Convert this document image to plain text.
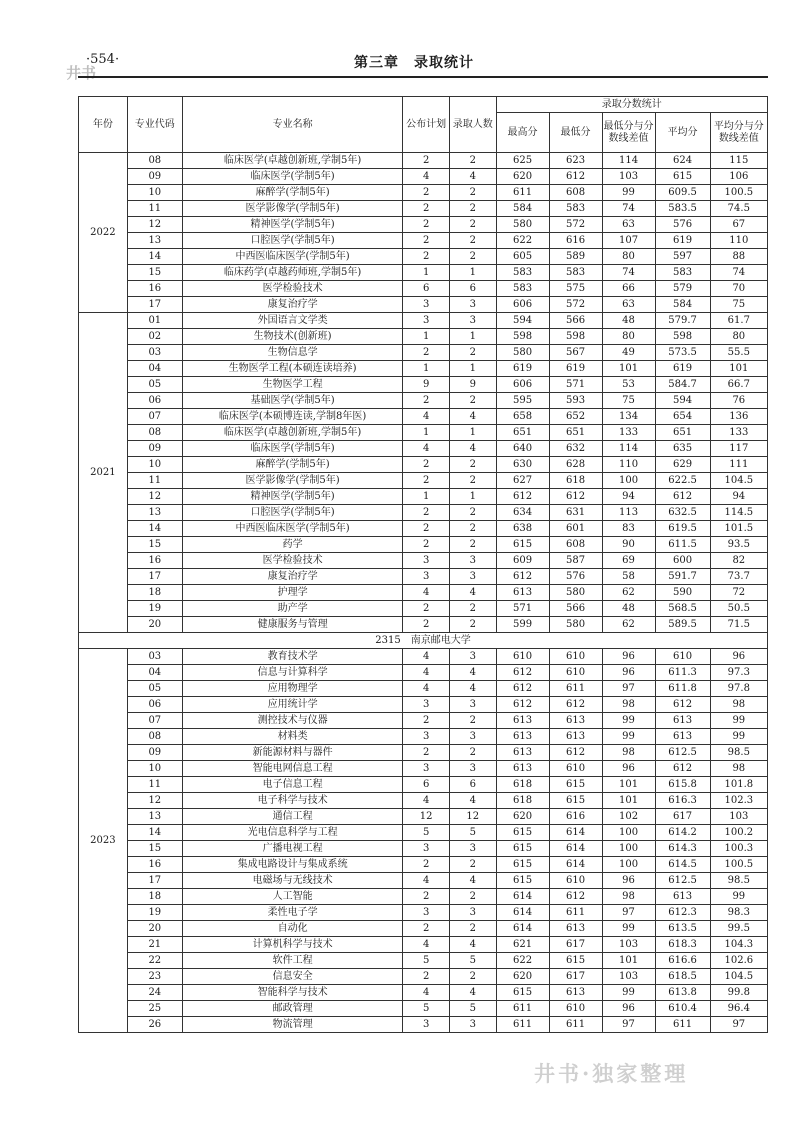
·554·	第三章　录取统计
井书
年份	专业代码	专业名称	公布计划	录取人数	录取分数统计				
					最高分	最低分	最低分与分数线差值	平均分	平均分与分数线差值
2022	08	临床医学(卓越创新班,学制5年)	2	2	625	623	114	624	115
	09	临床医学(学制5年)	4	4	620	612	103	615	106
	10	麻醉学(学制5年)	2	2	611	608	99	609.5	100.5
	11	医学影像学(学制5年)	2	2	584	583	74	583.5	74.5
	12	精神医学(学制5年)	2	2	580	572	63	576	67
	13	口腔医学(学制5年)	2	2	622	616	107	619	110
	14	中西医临床医学(学制5年)	2	2	605	589	80	597	88
	15	临床药学(卓越药师班,学制5年)	1	1	583	583	74	583	74
	16	医学检验技术	6	6	583	575	66	579	70
	17	康复治疗学	3	3	606	572	63	584	75
2021	01	外国语言文学类	3	3	594	566	48	579.7	61.7
	02	生物技术(创新班)	1	1	598	598	80	598	80
	03	生物信息学	2	2	580	567	49	573.5	55.5
	04	生物医学工程(本硕连读培养)	1	1	619	619	101	619	101
	05	生物医学工程	9	9	606	571	53	584.7	66.7
	06	基础医学(学制5年)	2	2	595	593	75	594	76
	07	临床医学(本硕博连读,学制8年医)	4	4	658	652	134	654	136
	08	临床医学(卓越创新班,学制5年)	1	1	651	651	133	651	133
	09	临床医学(学制5年)	4	4	640	632	114	635	117
	10	麻醉学(学制5年)	2	2	630	628	110	629	111
	11	医学影像学(学制5年)	2	2	627	618	100	622.5	104.5
	12	精神医学(学制5年)	1	1	612	612	94	612	94
	13	口腔医学(学制5年)	2	2	634	631	113	632.5	114.5
	14	中西医临床医学(学制5年)	2	2	638	601	83	619.5	101.5
	15	药学	2	2	615	608	90	611.5	93.5
	16	医学检验技术	3	3	609	587	69	600	82
	17	康复治疗学	3	3	612	576	58	591.7	73.7
	18	护理学	4	4	613	580	62	590	72
	19	助产学	2	2	571	566	48	568.5	50.5
	20	健康服务与管理	2	2	599	580	62	589.5	71.5
2315　南京邮电大学									
2023	03	教育技术学	4	3	610	610	96	610	96
	04	信息与计算科学	4	4	612	610	96	611.3	97.3
	05	应用物理学	4	4	612	611	97	611.8	97.8
	06	应用统计学	3	3	612	612	98	612	98
	07	测控技术与仪器	2	2	613	613	99	613	99
	08	材料类	3	3	613	613	99	613	99
	09	新能源材料与器件	2	2	613	612	98	612.5	98.5
	10	智能电网信息工程	3	3	613	610	96	612	98
	11	电子信息工程	6	6	618	615	101	615.8	101.8
	12	电子科学与技术	4	4	618	615	101	616.3	102.3
	13	通信工程	12	12	620	616	102	617	103
	14	光电信息科学与工程	5	5	615	614	100	614.2	100.2
	15	广播电视工程	3	3	615	614	100	614.3	100.3
	16	集成电路设计与集成系统	2	2	615	614	100	614.5	100.5
	17	电磁场与无线技术	4	4	615	610	96	612.5	98.5
	18	人工智能	2	2	614	612	98	613	99
	19	柔性电子学	3	3	614	611	97	612.3	98.3
	20	自动化	2	2	614	613	99	613.5	99.5
	21	计算机科学与技术	4	4	621	617	103	618.3	104.3
	22	软件工程	5	5	622	615	101	616.6	102.6
	23	信息安全	2	2	620	617	103	618.5	104.5
	24	智能科学与技术	4	4	615	613	99	613.8	99.8
	25	邮政管理	5	5	611	610	96	610.4	96.4
	26	物流管理	3	3	611	611	97	611	97
井书·独家整理
